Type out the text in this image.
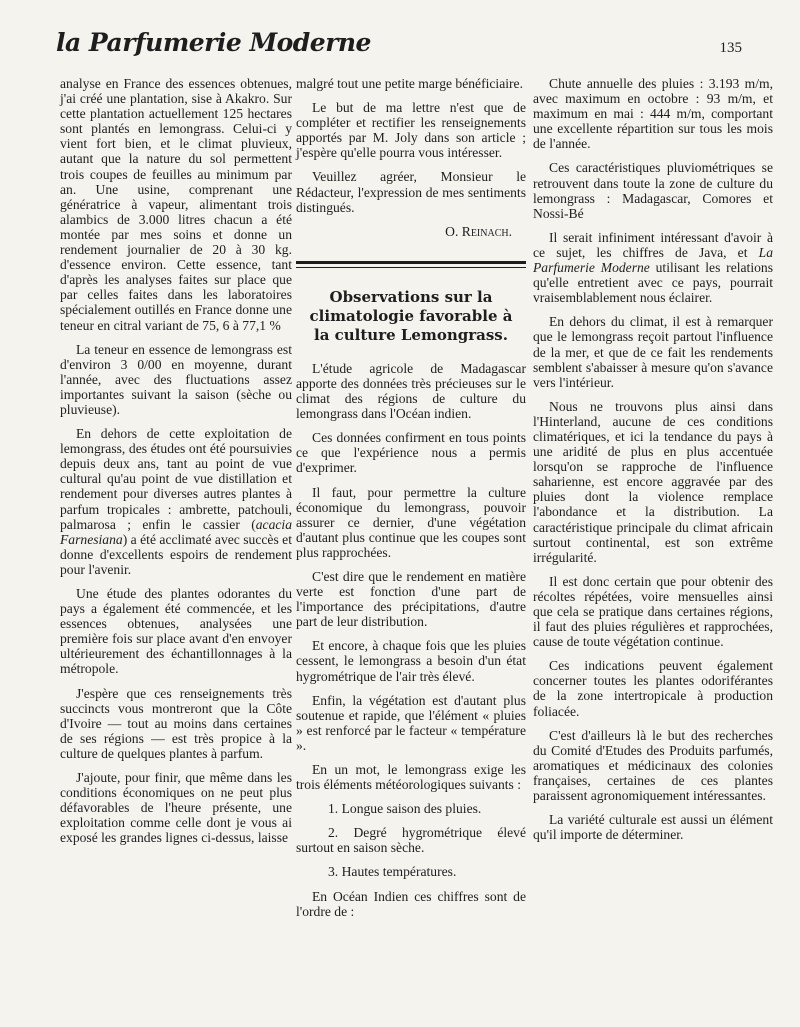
la Parfumerie Moderne	135

analyse en France des essences obtenues, j'ai créé une plantation, sise à Akakro. Sur cette plantation actuellement 125 hectares sont plantés en lemongrass. Celui-ci y vient fort bien, et le climat pluvieux, autant que la nature du sol permettent trois coupes de feuilles au minimum par an. Une usine, comprenant une génératrice à vapeur, alimentant trois alambics de 3.000 litres chacun a été montée par mes soins et donne un rendement journalier de 20 à 30 kg. d'essence environ. Cette essence, tant d'après les analyses faites sur place que par celles faites dans les laboratoires spécialement outillés en France donne une teneur en citral variant de 75, 6 à 77,1 %

La teneur en essence de lemongrass est d'environ 3 0/00 en moyenne, durant l'année, avec des fluctuations assez importantes suivant la saison (sèche ou pluvieuse).

En dehors de cette exploitation de lemongrass, des études ont été poursuivies depuis deux ans, tant au point de vue cultural qu'au point de vue distillation et rendement pour diverses autres plantes à parfum tropicales : ambrette, patchouli, palmarosa ; enfin le cassier (acacia Farnesiana) a été acclimaté avec succès et donne d'excellents espoirs de rendement pour l'avenir.

Une étude des plantes odorantes du pays a également été commencée, et les essences obtenues, analysées une première fois sur place avant d'en envoyer ultérieurement des échantillonnages à la métropole.

J'espère que ces renseignements très succincts vous montreront que la Côte d'Ivoire — tout au moins dans certaines de ses régions — est très propice à la culture de quelques plantes à parfum.

J'ajoute, pour finir, que même dans les conditions économiques on ne peut plus défavorables de l'heure présente, une exploitation comme celle dont je vous ai exposé les grandes lignes ci-dessus, laisse

malgré tout une petite marge bénéficiaire.

Le but de ma lettre n'est que de compléter et rectifier les renseignements apportés par M. Joly dans son article ; j'espère qu'elle pourra vous intéresser.

Veuillez agréer, Monsieur le Rédacteur, l'expression de mes sentiments distingués.

O. Reinach.

Observations sur la climatologie favorable à la culture Lemongrass.

L'étude agricole de Madagascar apporte des données très précieuses sur le climat des régions de culture du lemongrass dans l'Océan indien.

Ces données confirment en tous points ce que l'expérience nous a permis d'exprimer.

Il faut, pour permettre la culture économique du lemongrass, pouvoir assurer ce dernier, d'une végétation d'autant plus continue que les coupes sont plus rapprochées.

C'est dire que le rendement en matière verte est fonction d'une part de l'importance des précipitations, d'autre part de leur distribution.

Et encore, à chaque fois que les pluies cessent, le lemongrass a besoin d'un état hygrométrique de l'air très élevé.

Enfin, la végétation est d'autant plus soutenue et rapide, que l'élément « pluies » est renforcé par le facteur « température ».

En un mot, le lemongrass exige les trois éléments météorologiques suivants :

1. Longue saison des pluies.

2. Degré hygrométrique élevé surtout en saison sèche.

3. Hautes températures.

En Océan Indien ces chiffres sont de l'ordre de :

Chute annuelle des pluies : 3.193 m/m, avec maximum en octobre : 93 m/m, et maximum en mai : 444 m/m, comportant une excellente répartition sur tous les mois de l'année.

Ces caractéristiques pluviométriques se retrouvent dans toute la zone de culture du lemongrass : Madagascar, Comores et Nossi-Bé

Il serait infiniment intéressant d'avoir à ce sujet, les chiffres de Java, et La Parfumerie Moderne utilisant les relations qu'elle entretient avec ce pays, pourrait vraisemblablement nous éclairer.

En dehors du climat, il est à remarquer que le lemongrass reçoit partout l'influence de la mer, et que de ce fait les rendements semblent s'abaisser à mesure qu'on s'avance vers l'intérieur.

Nous ne trouvons plus ainsi dans l'Hinterland, aucune de ces conditions climatériques, et ici la tendance du pays à une aridité de plus en plus accentuée lorsqu'on se rapproche de l'influence saharienne, est encore aggravée par des pluies dont la violence remplace l'abondance et la distribution. La caractéristique principale du climat africain surtout continental, est son extrême irrégularité.

Il est donc certain que pour obtenir des récoltes répétées, voire mensuelles ainsi que cela se pratique dans certaines régions, il faut des pluies régulières et rapprochées, cause de toute végétation continue.

Ces indications peuvent également concerner toutes les plantes odoriférantes de la zone intertropicale à production foliacée.

C'est d'ailleurs là le but des recherches du Comité d'Etudes des Produits parfumés, aromatiques et médicinaux des colonies françaises, certaines de ces plantes paraissent agronomiquement intéressantes.

La variété culturale est aussi un élément qu'il importe de déterminer.
